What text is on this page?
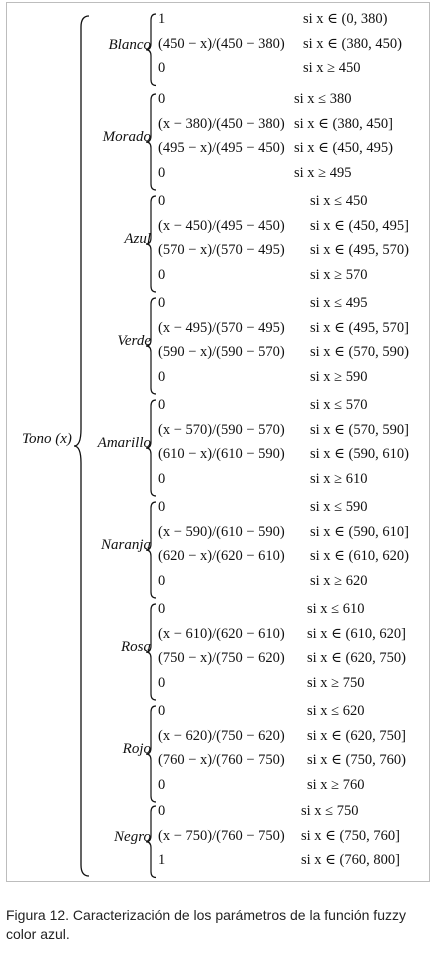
Tono (x)
Blanco
1	si x ∈ (0, 380)
(450 − x)/(450 − 380) si x ∈ (380, 450)
0	si x ≥ 450
Morado
0	si x ≤ 380
(x − 380)/(450 − 380) si x ∈ (380, 450]
(495 − x)/(495 − 450) si x ∈ (450, 495)
0	si x ≥ 495
Azul
0	si x ≤ 450
(x − 450)/(495 − 450) si x ∈ (450, 495]
(570 − x)/(570 − 495) si x ∈ (495, 570)
0	si x ≥ 570
Verde
0	si x ≤ 495
(x − 495)/(570 − 495) si x ∈ (495, 570]
(590 − x)/(590 − 570) si x ∈ (570, 590)
0	si x ≥ 590
Amarillo
0	si x ≤ 570
(x − 570)/(590 − 570) si x ∈ (570, 590]
(610 − x)/(610 − 590) si x ∈ (590, 610)
0	si x ≥ 610
Naranja
0	si x ≤ 590
(x − 590)/(610 − 590) si x ∈ (590, 610]
(620 − x)/(620 − 610) si x ∈ (610, 620)
0	si x ≥ 620
Rosa
0	si x ≤ 610
(x − 610)/(620 − 610) si x ∈ (610, 620]
(750 − x)/(750 − 620) si x ∈ (620, 750)
0	si x ≥ 750
Rojo
0	si x ≤ 620
(x − 620)/(750 − 620) si x ∈ (620, 750]
(760 − x)/(760 − 750) si x ∈ (750, 760)
0	si x ≥ 760
Negro
0	si x ≤ 750
(x − 750)/(760 − 750) si x ∈ (750, 760]
1	si x ∈ (760, 800]
Figura 12. Caracterización de los parámetros de la función fuzzy color azul.
